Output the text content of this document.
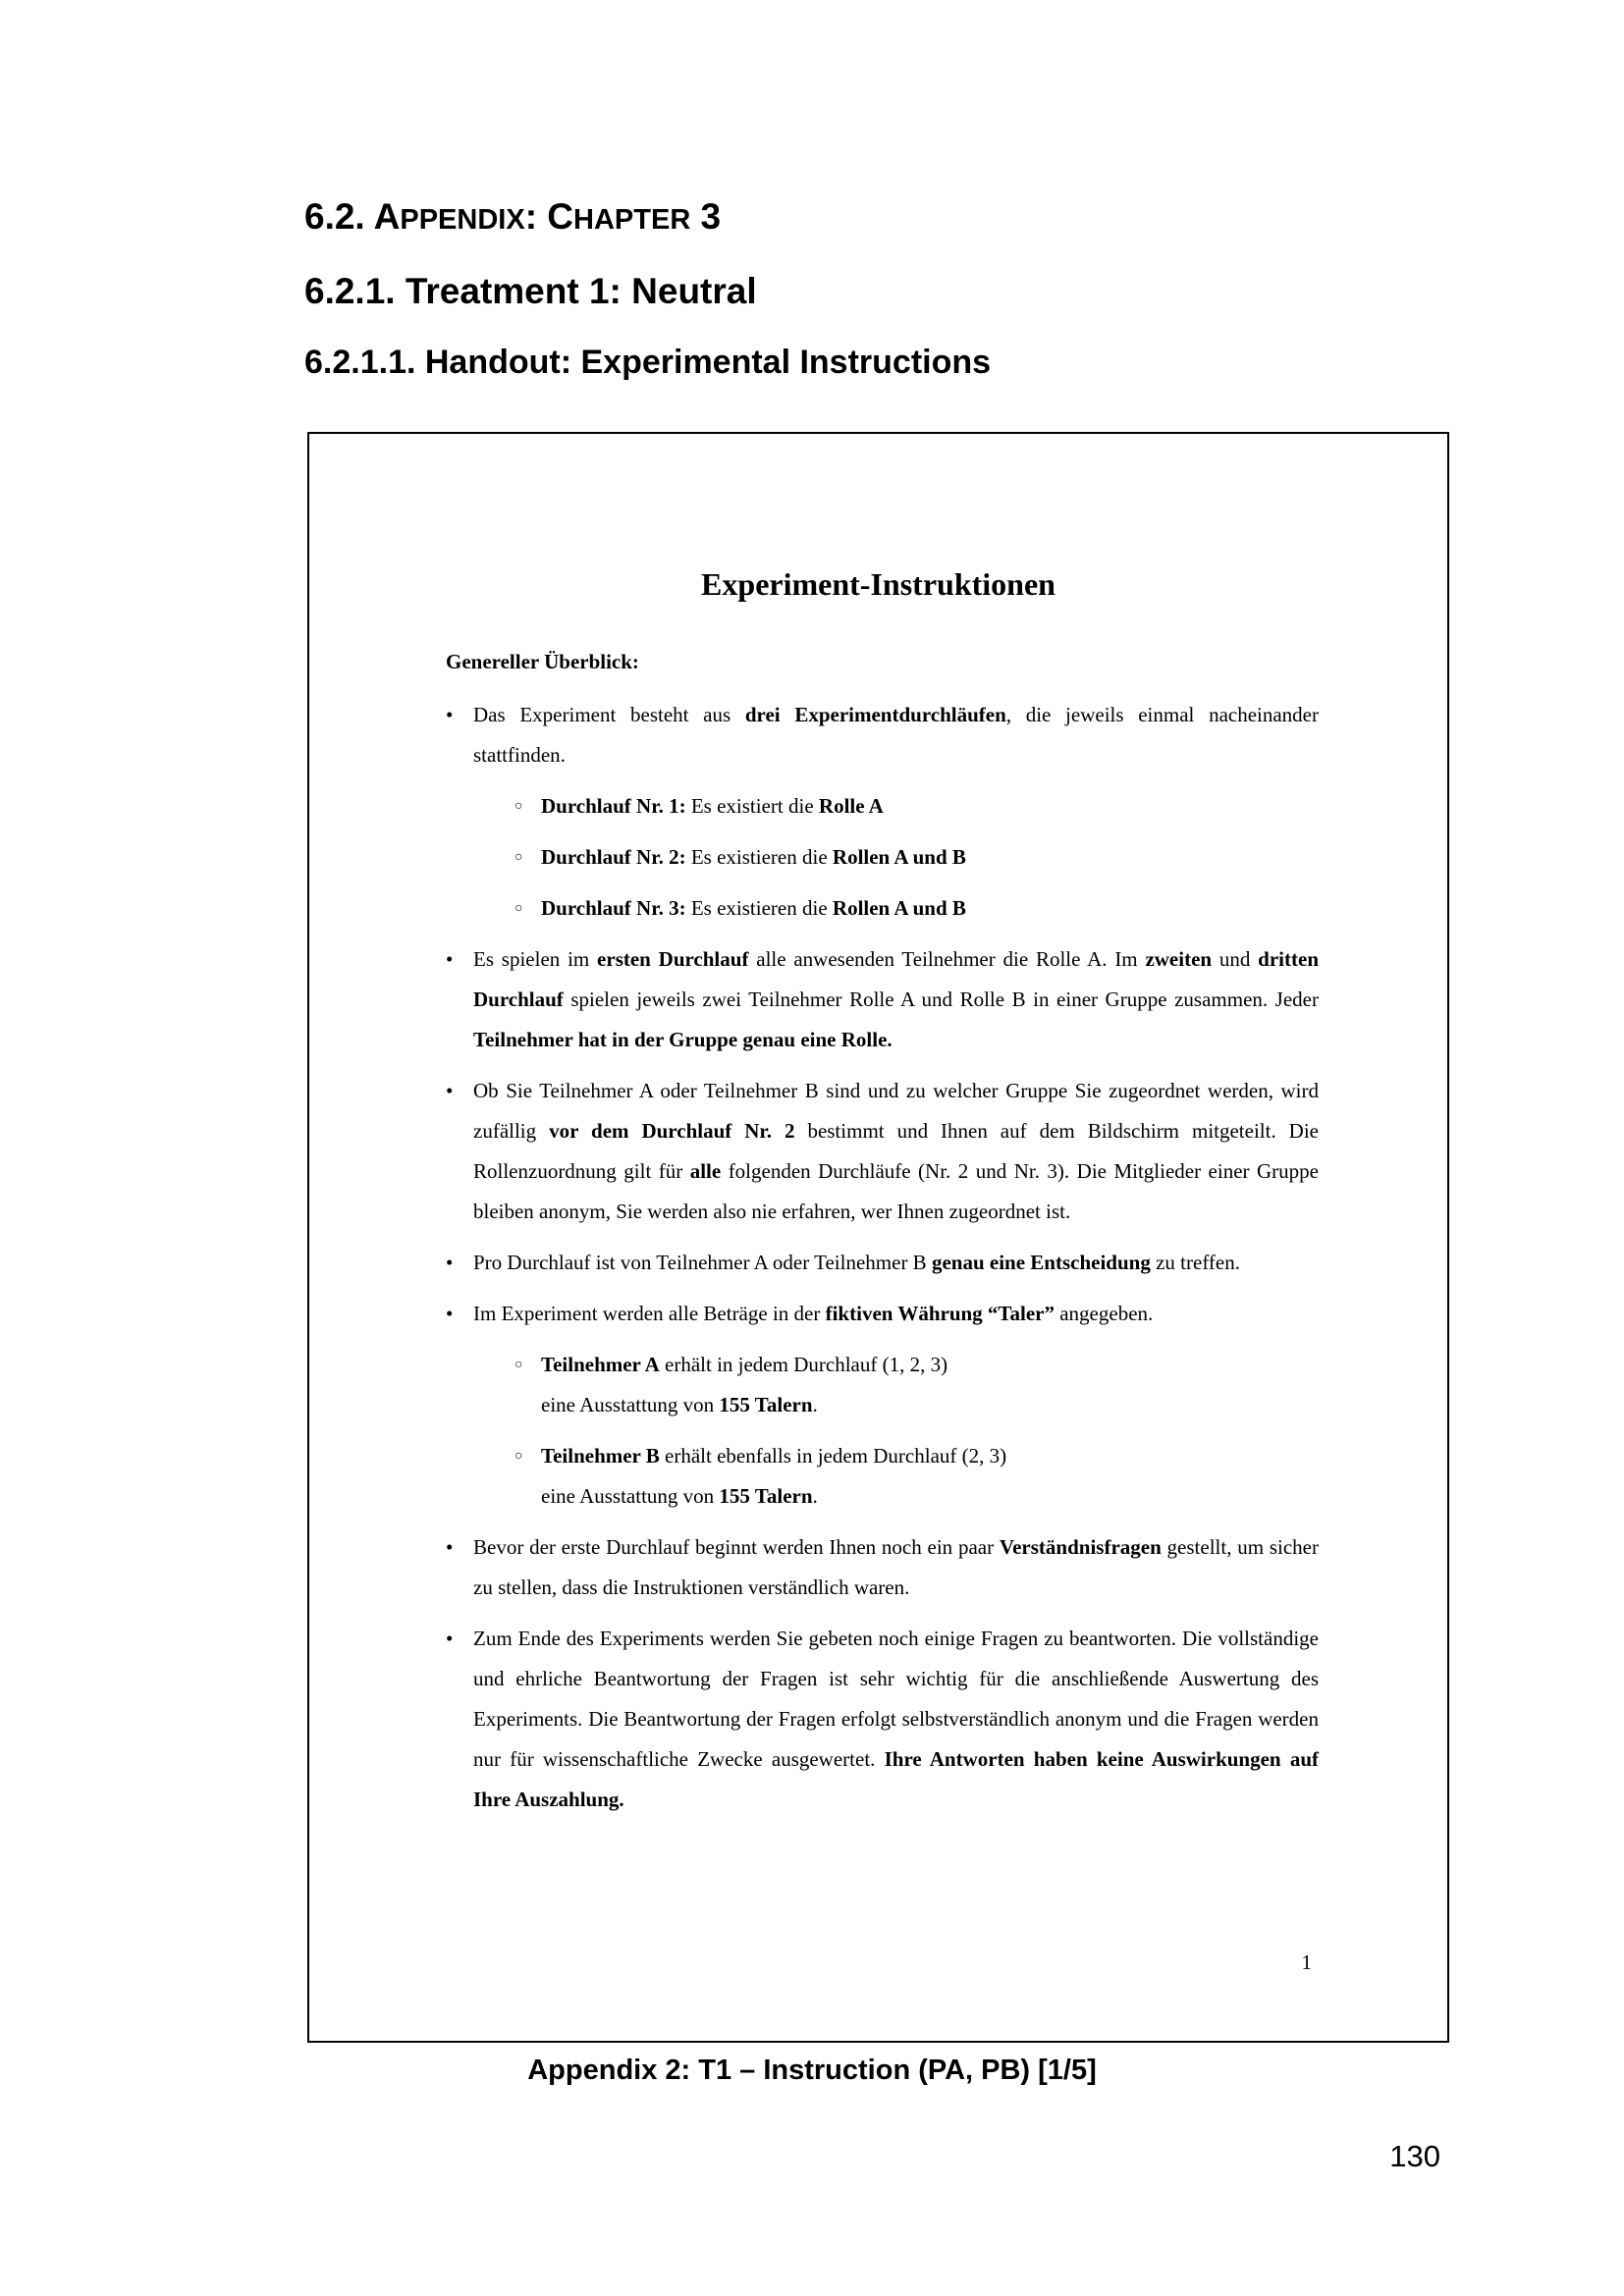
6.2. APPENDIX: CHAPTER 3
6.2.1. Treatment 1: Neutral
6.2.1.1. Handout: Experimental Instructions
Experiment-Instruktionen
Genereller Überblick:
• Das Experiment besteht aus drei Experimentdurchläufen, die jeweils einmal nacheinander stattfinden.
○ Durchlauf Nr. 1: Es existiert die Rolle A
○ Durchlauf Nr. 2: Es existieren die Rollen A und B
○ Durchlauf Nr. 3: Es existieren die Rollen A und B
• Es spielen im ersten Durchlauf alle anwesenden Teilnehmer die Rolle A. Im zweiten und dritten Durchlauf spielen jeweils zwei Teilnehmer Rolle A und Rolle B in einer Gruppe zusammen. Jeder Teilnehmer hat in der Gruppe genau eine Rolle.
• Ob Sie Teilnehmer A oder Teilnehmer B sind und zu welcher Gruppe Sie zugeordnet werden, wird zufällig vor dem Durchlauf Nr. 2 bestimmt und Ihnen auf dem Bildschirm mitgeteilt. Die Rollenzuordnung gilt für alle folgenden Durchläufe (Nr. 2 und Nr. 3). Die Mitglieder einer Gruppe bleiben anonym, Sie werden also nie erfahren, wer Ihnen zugeordnet ist.
• Pro Durchlauf ist von Teilnehmer A oder Teilnehmer B genau eine Entscheidung zu treffen.
• Im Experiment werden alle Beträge in der fiktiven Währung “Taler” angegeben.
○ Teilnehmer A erhält in jedem Durchlauf (1, 2, 3)
eine Ausstattung von 155 Talern.
○ Teilnehmer B erhält ebenfalls in jedem Durchlauf (2, 3)
eine Ausstattung von 155 Talern.
• Bevor der erste Durchlauf beginnt werden Ihnen noch ein paar Verständnisfragen gestellt, um sicher zu stellen, dass die Instruktionen verständlich waren.
• Zum Ende des Experiments werden Sie gebeten noch einige Fragen zu beantworten. Die vollständige und ehrliche Beantwortung der Fragen ist sehr wichtig für die anschließende Auswertung des Experiments. Die Beantwortung der Fragen erfolgt selbstverständlich anonym und die Fragen werden nur für wissenschaftliche Zwecke ausgewertet. Ihre Antworten haben keine Auswirkungen auf Ihre Auszahlung.
1
Appendix 2: T1 – Instruction (PA, PB) [1/5]
130
